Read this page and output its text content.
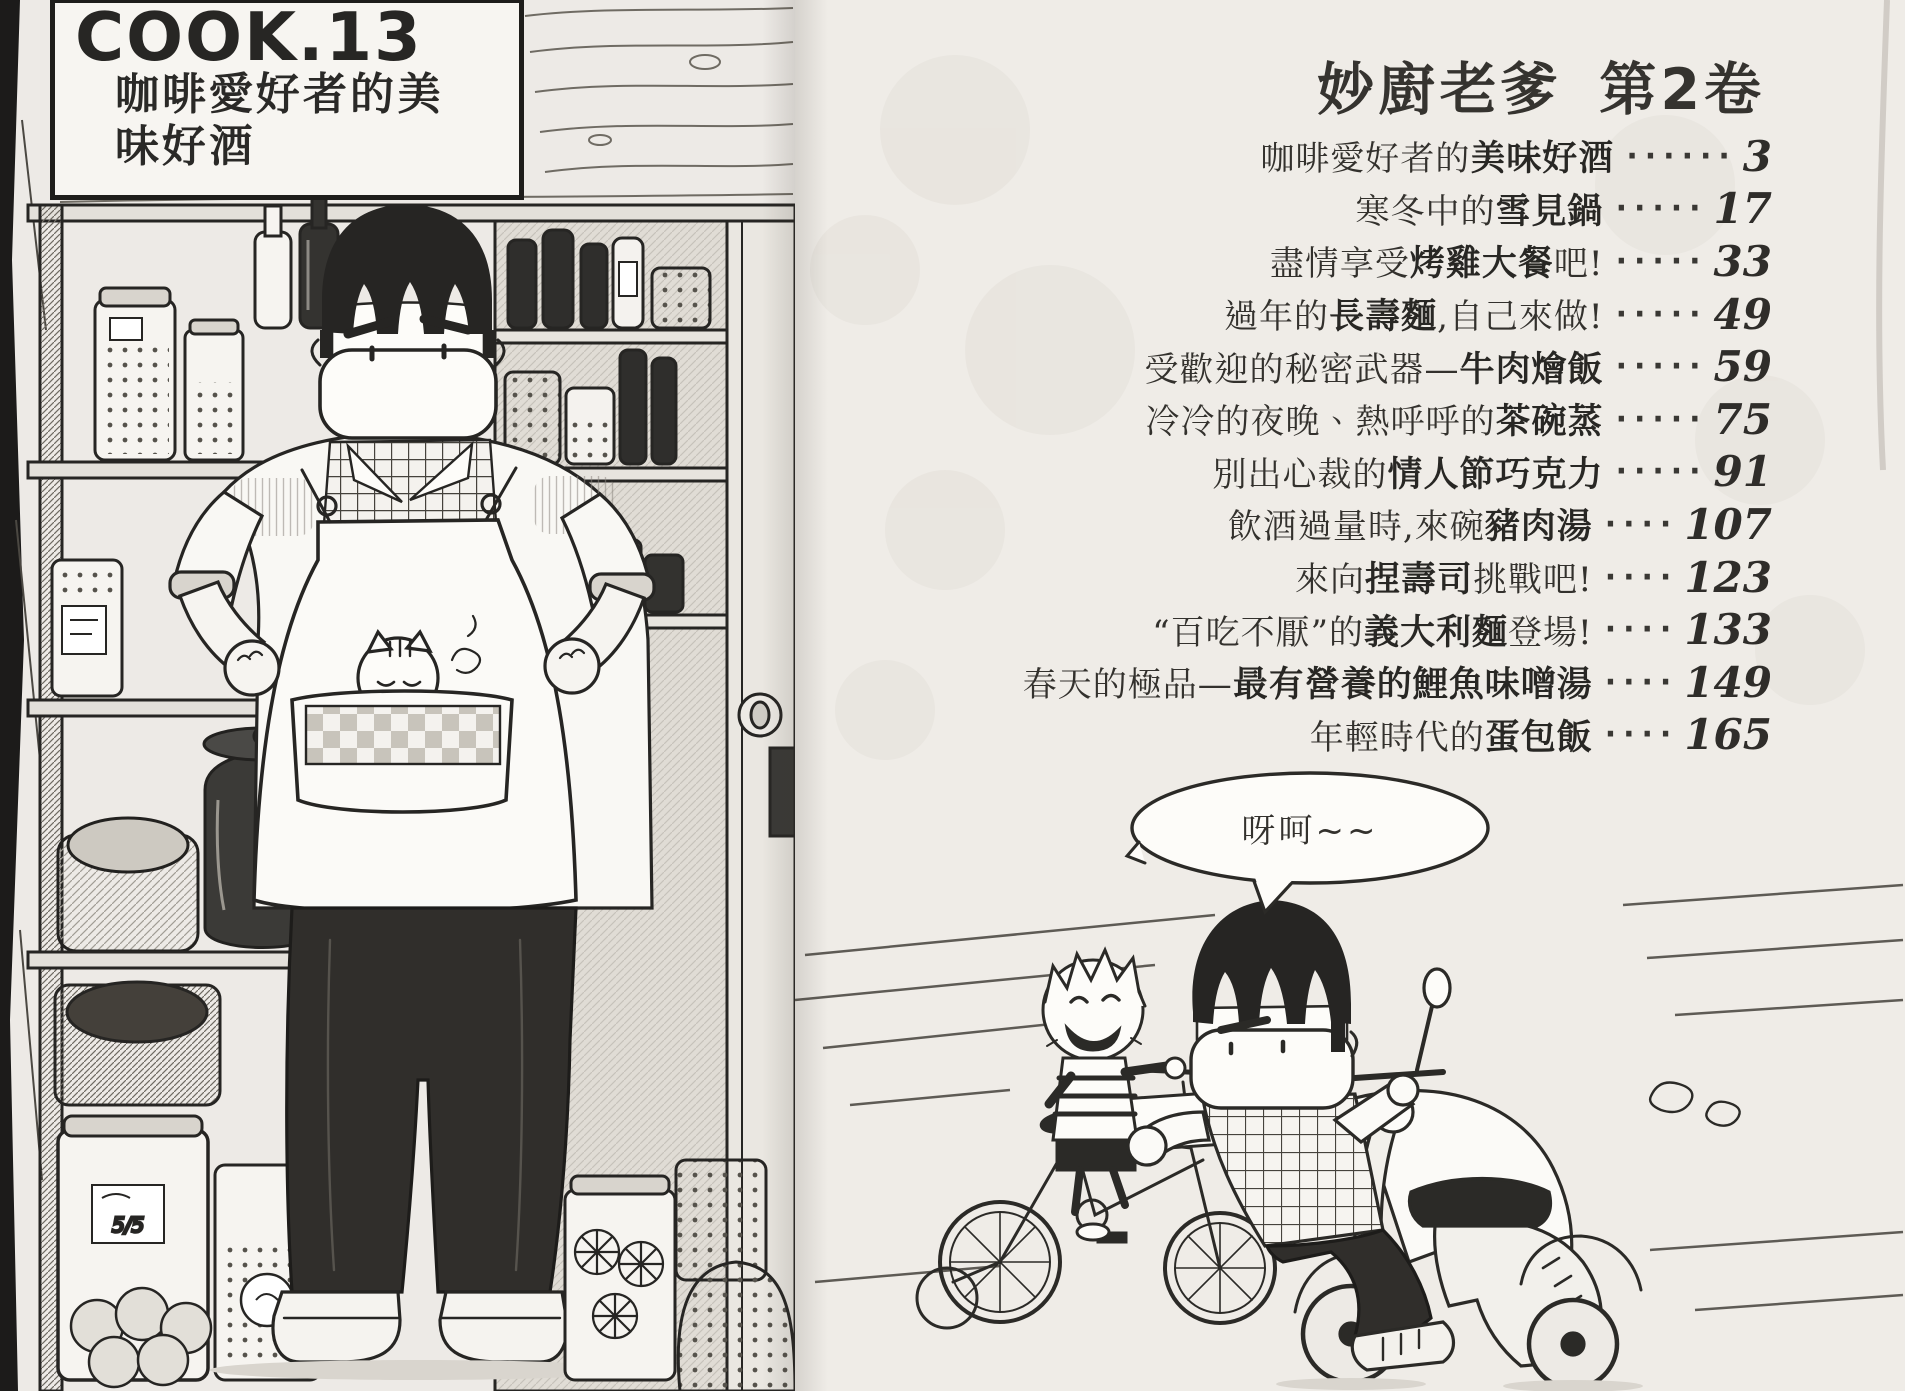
5/5
COOK.13
咖啡愛好者的美
味好酒
呀呵~~
妙廚老爹 第2卷
咖啡愛好者的美味好酒 ······ 3
寒冬中的雪見鍋 ····· 17
盡情享受烤雞大餐吧! ····· 33
過年的長壽麵,自己來做! ····· 49
受歡迎的秘密武器—牛肉燴飯 ····· 59
冷冷的夜晚、熱呼呼的茶碗蒸 ····· 75
別出心裁的情人節巧克力 ····· 91
飲酒過量時,來碗豬肉湯 ···· 107
來向捏壽司挑戰吧! ···· 123
“百吃不厭”的義大利麵登場! ···· 133
春天的極品—最有營養的鯉魚味噌湯 ···· 149
年輕時代的蛋包飯 ···· 165
